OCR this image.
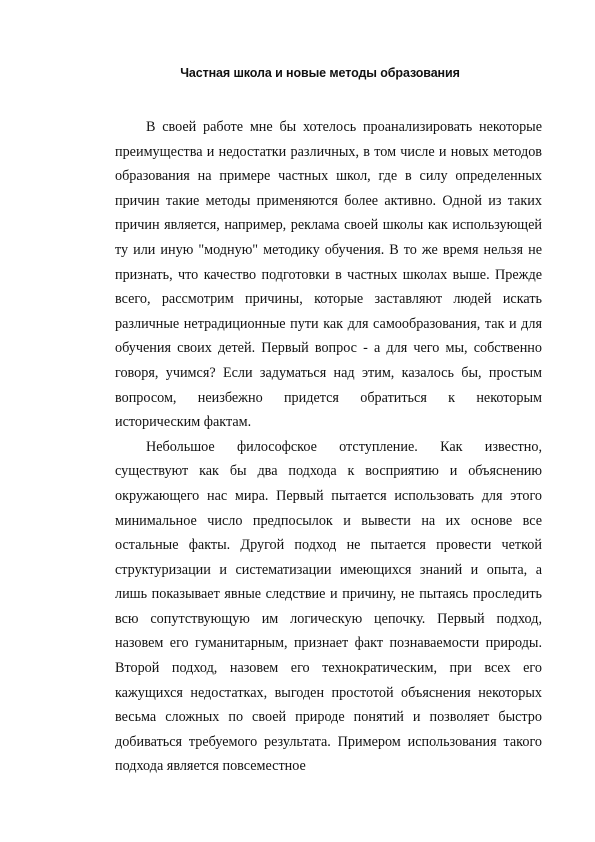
Частная школа и новые методы образования

В своей работе мне бы хотелось проанализировать некоторые преимущества и недостатки различных, в том числе и новых методов образования на примере частных школ, где в силу определенных причин такие методы применяются более активно. Одной из таких причин является, например, реклама своей школы как использующей ту или иную "модную" методику обучения. В то же время нельзя не признать, что качество подготовки в частных школах выше. Прежде всего, рассмотрим причины, которые заставляют людей искать различные нетрадиционные пути как для самообразования, так и для обучения своих детей. Первый вопрос - а для чего мы, собственно говоря, учимся? Если задуматься над этим, казалось бы, простым вопросом, неизбежно придется обратиться к некоторым историческим фактам.

Небольшое философское отступление. Как известно, существуют как бы два подхода к восприятию и объяснению окружающего нас мира. Первый пытается использовать для этого минимальное число предпосылок и вывести на их основе все остальные факты. Другой подход не пытается провести четкой структуризации и систематизации имеющихся знаний и опыта, а лишь показывает явные следствие и причину, не пытаясь проследить всю сопутствующую им логическую цепочку. Первый подход, назовем его гуманитарным, признает факт познаваемости природы. Второй подход, назовем его технократическим, при всех его кажущихся недостатках, выгоден простотой объяснения некоторых весьма сложных по своей природе понятий и позволяет быстро добиваться требуемого результата. Примером использования такого подхода является повсеместное
